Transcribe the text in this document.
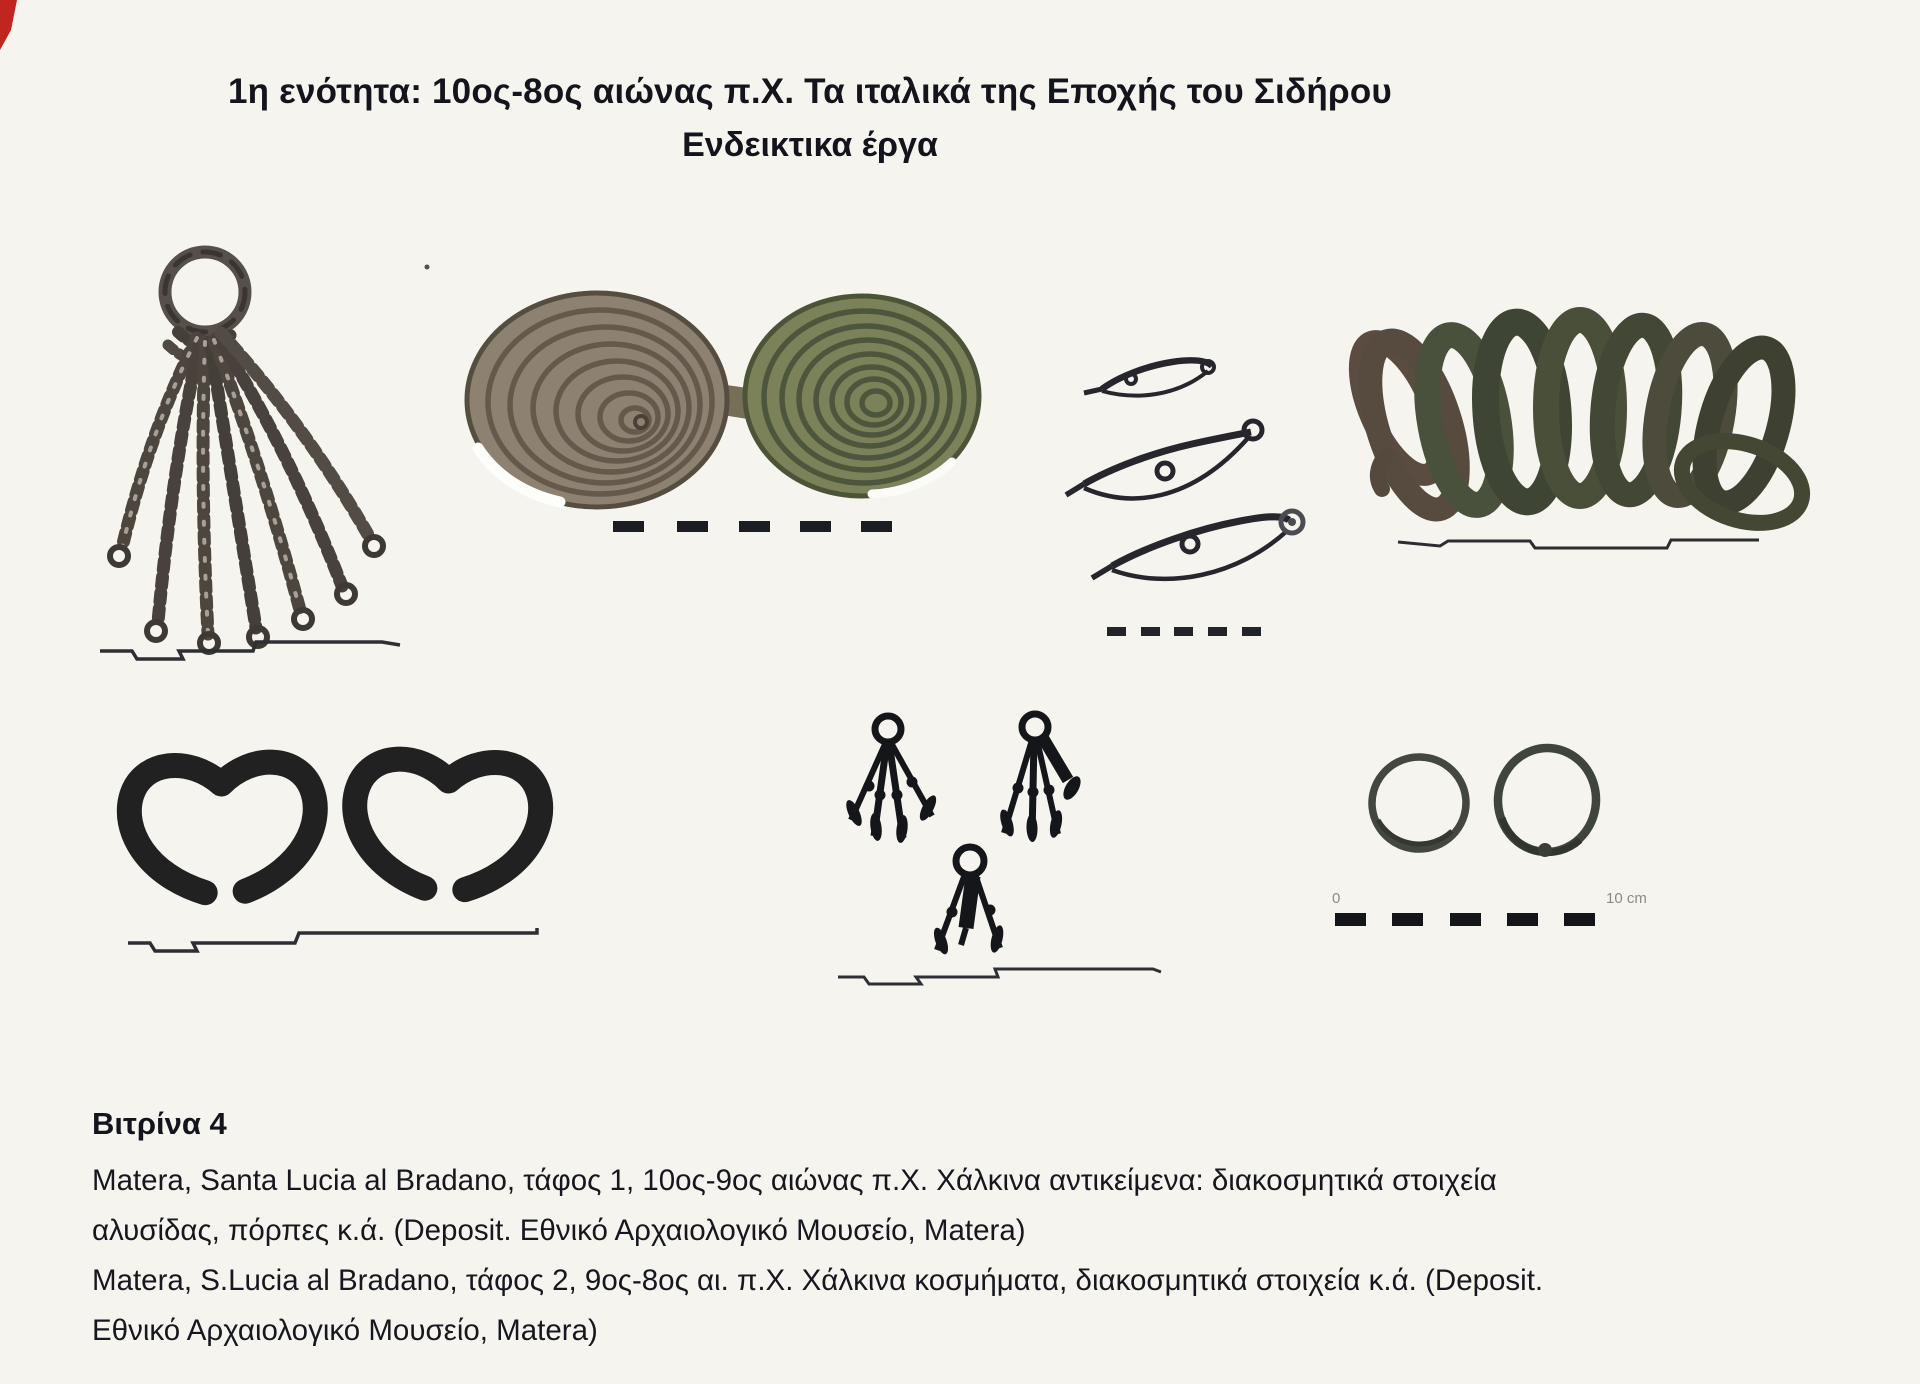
0	10 cm
1η ενότητα: 10ος-8ος αιώνας π.Χ. Τα ιταλικά της Εποχής του Σιδήρου
Ενδεικτικα έργα

Βιτρίνα 4

Matera, Santa Lucia al Bradano, τάφος 1, 10ος-9ος αιώνας π.Χ. Χάλκινα αντικείμενα: διακοσμητικά στοιχεία αλυσίδας, πόρπες κ.ά. (Deposit. Εθνικό Αρχαιολογικό Μουσείο, Matera)

Matera, S.Lucia al Bradano, τάφος 2, 9ος-8ος αι. π.Χ. Χάλκινα κοσμήματα, διακοσμητικά στοιχεία κ.ά. (Deposit. Εθνικό Αρχαιολογικό Μουσείο, Matera)
